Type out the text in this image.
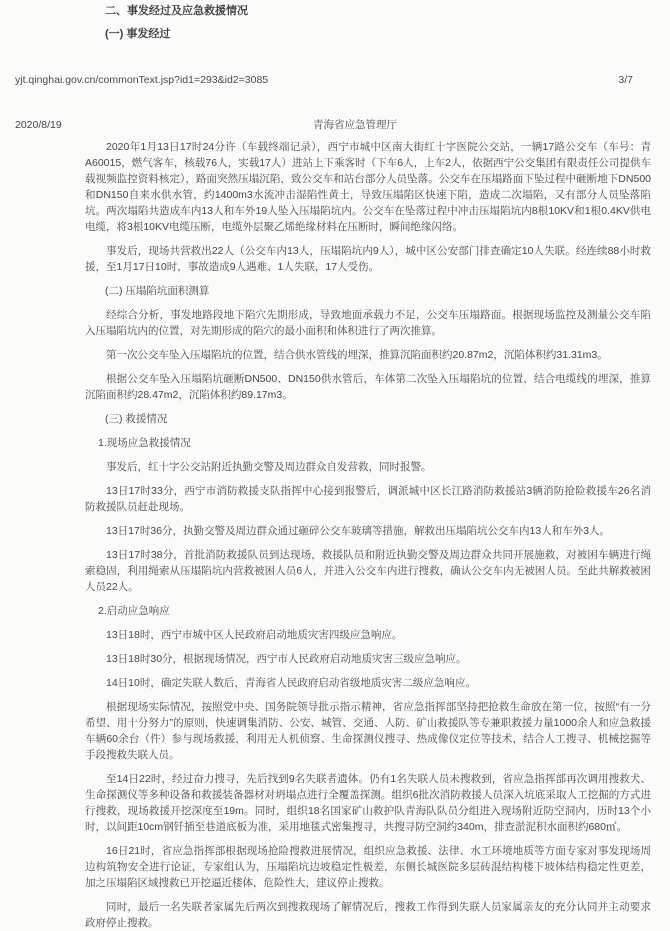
二、事发经过及应急救援情况
(一) 事发经过
yjt.qinghai.gov.cn/commonText.jsp?id1=293&id2=3085	3/7
2020/8/19	青海省应急管理厅

2020年1月13日17时24分许（车载终端记录），西宁市城中区南大街红十字医院公交站，一辆17路公交车（车号：青A60015，燃气客车，核载76人，实载17人）进站上下乘客时（下车6人，上车2人，依据西宁公交集团有限责任公司提供车载视频监控资料核定），路面突然压塌沉陷，致公交车和站台部分人员坠落。公交车在压塌路面下坠过程中砸断地下DN500和DN150自来水供水管，约1400m3水流冲击湿陷性黄土，导致压塌陷区快速下陷，造成二次塌陷，又有部分人员坠落陷坑。两次塌陷共造成车内13人和车外19人坠入压塌陷坑内。公交车在坠落过程中冲击压塌陷坑内8根10KV和1根0.4KV供电电缆，将3根10KV电缆压断，电缆外层聚乙烯绝缘材料在压断时，瞬间绝缘闪络。

事发后，现场共营救出22人（公交车内13人，压塌陷坑内9人），城中区公安部门排查确定10人失联。经连续88小时救援，至1月17日10时，事故造成9人遇难、1人失联，17人受伤。

(二) 压塌陷坑面积测算

经综合分析，事发地路段地下陷穴先期形成，导致地面承载力不足，公交车压塌路面。根据现场监控及测量公交车陷入压塌陷坑内的位置，对先期形成的陷穴的最小面积和体积进行了两次推算。

第一次公交车坠入压塌陷坑的位置，结合供水管线的埋深，推算沉陷面积约20.87m2，沉陷体积约31.31m3。

根据公交车坠入压塌陷坑砸断DN500、DN150供水管后，车体第二次坠入压塌陷坑的位置，结合电缆线的埋深，推算沉陷面积约28.47m2，沉陷体积约89.17m3。

(三) 救援情况

1.现场应急救援情况

事发后，红十字公交站附近执勤交警及周边群众自发营救，同时报警。

13日17时33分，西宁市消防救援支队指挥中心接到报警后，调派城中区长江路消防救援站3辆消防抢险救援车26名消防救援队员赶赴现场。

13日17时36分，执勤交警及周边群众通过砸碎公交车玻璃等措施，解救出压塌陷坑公交车内13人和车外3人。

13日17时38分，首批消防救援队员到达现场，救援队员和附近执勤交警及周边群众共同开展施救，对被困车辆进行绳索稳固，利用绳索从压塌陷坑内营救被困人员6人，并进入公交车内进行搜救，确认公交车内无被困人员。至此共解救被困人员22人。

2.启动应急响应

13日18时，西宁市城中区人民政府启动地质灾害四级应急响应。

13日18时30分，根据现场情况，西宁市人民政府启动地质灾害三级应急响应。

14日10时，确定失联人数后，青海省人民政府启动省级地质灾害二级应急响应。

根据现场实际情况，按照党中央、国务院领导批示指示精神，省应急指挥部坚持把抢救生命放在第一位，按照“有一分希望、用十分努力”的原则，快速调集消防、公安、城管、交通、人防、矿山救援队等专兼职救援力量1000余人和应急救援车辆60余台（件）参与现场救援，利用无人机侦察、生命探测仪搜寻、热成像仪定位等技术，结合人工搜寻、机械挖掘等手段搜救失联人员。

至14日22时，经过奋力搜寻，先后找到9名失联者遗体。仍有1名失联人员未搜救到，省应急指挥部再次调用搜救犬、生命探测仪等多种设备和救援装备器材对坍塌点进行全覆盖探测。组织6批次消防救援人员深入坑底采取人工挖掘的方式进行搜救，现场救援开挖深度至19m。同时，组织18名国家矿山救护队青海队队员分组进入现场附近防空洞内，历时13个小时，以间距10cm钢钎插至巷道底板为准，采用地毯式密集搜寻，共搜寻防空洞约340m，排查淤泥积水面积约680㎡。

16日21时，省应急指挥部根据现场抢险搜救进展情况，组织应急救援、法律、水工环境地质等方面专家对事发现场周边构筑物安全进行论证，专家组认为，压塌陷坑边坡稳定性极差，东侧长城医院多层砖混结构楼下坡体结构稳定性更差，加之压塌陷区域搜救已开挖逼近楼体，危险性大，建议停止搜救。

同时，最后一名失联者家属先后两次到搜救现场了解情况后，搜救工作得到失联人员家属亲友的充分认同并主动要求政府停止搜救。
